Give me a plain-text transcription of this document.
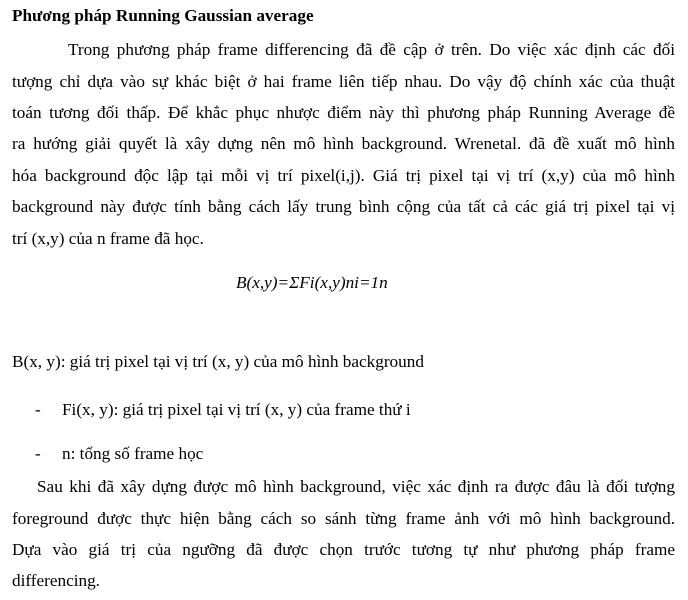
Phương pháp Running Gaussian average
Trong phương pháp frame differencing đã đề cập ở trên. Do việc xác định các đối
tượng chỉ dựa vào sự khác biệt ở hai frame liên tiếp nhau. Do vậy độ chính xác của thuật
toán tương đối thấp. Để khắc phục nhược điểm này thì phương pháp Running Average đề
ra hướng giải quyết là xây dựng nên mô hình background. Wrenetal. đã đề xuất mô hình
hóa background độc lập tại mỗi vị trí pixel(i,j). Giá trị pixel tại vị trí (x,y) của mô hình
background này được tính bằng cách lấy trung bình cộng của tất cả các giá trị pixel tại vị
trí (x,y) của n frame đã học.
B(x,y)=ΣFi(x,y)ni=1n
B(x, y): giá trị pixel tại vị trí (x, y) của mô hình background
- Fi(x, y): giá trị pixel tại vị trí (x, y) của frame thứ i
- n: tổng số frame học
Sau khi đã xây dựng được mô hình background, việc xác định ra được đâu là đối tượng
foreground được thực hiện bằng cách so sánh từng frame ảnh với mô hình background.
Dựa vào giá trị của ngưỡng đã được chọn trước tương tự như phương pháp frame
differencing.
